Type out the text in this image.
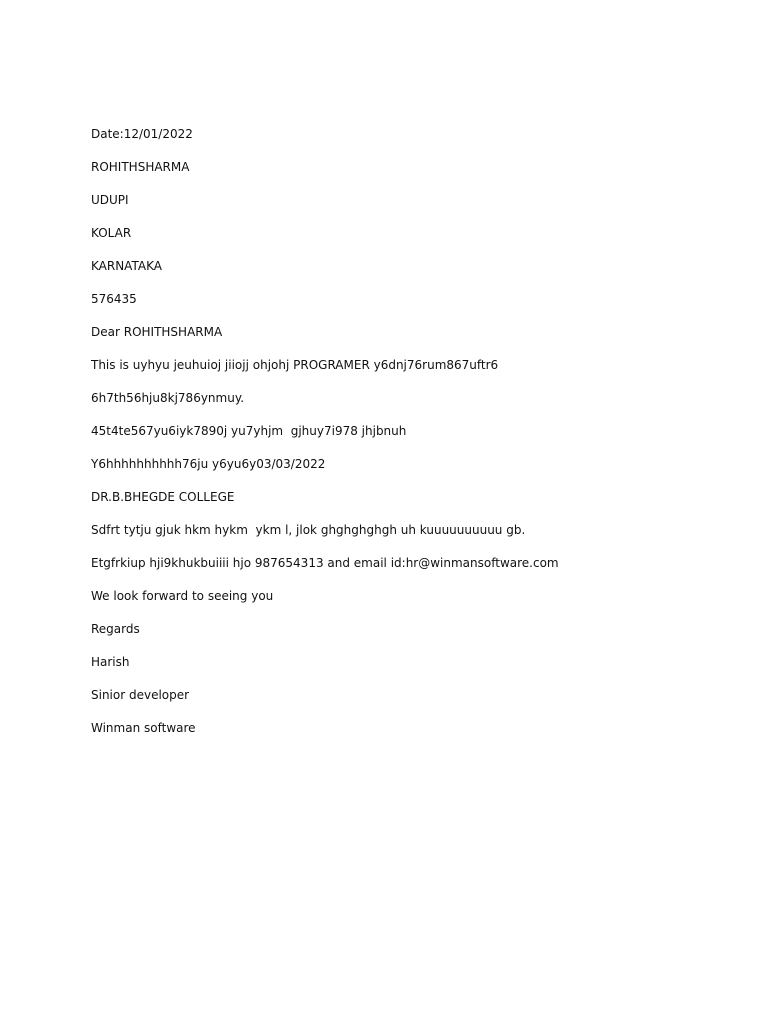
Date:12/01/2022
ROHITHSHARMA
UDUPI
KOLAR
KARNATAKA
576435
Dear ROHITHSHARMA
This is uyhyu jeuhuioj jiiojj ohjohj PROGRAMER y6dnj76rum867uftr6
6h7th56hju8kj786ynmuy.
45t4te567yu6iyk7890j yu7yhjm  gjhuy7i978 jhjbnuh
Y6hhhhhhhhhh76ju y6yu6y03/03/2022
DR.B.BHEGDE COLLEGE
Sdfrt tytju gjuk hkm hykm  ykm l, jlok ghghghghgh uh kuuuuuuuuuu gb.
Etgfrkiup hji9khukbuiiii hjo 987654313 and email id:hr@winmansoftware.com
We look forward to seeing you
Regards
Harish
Sinior developer
Winman software
